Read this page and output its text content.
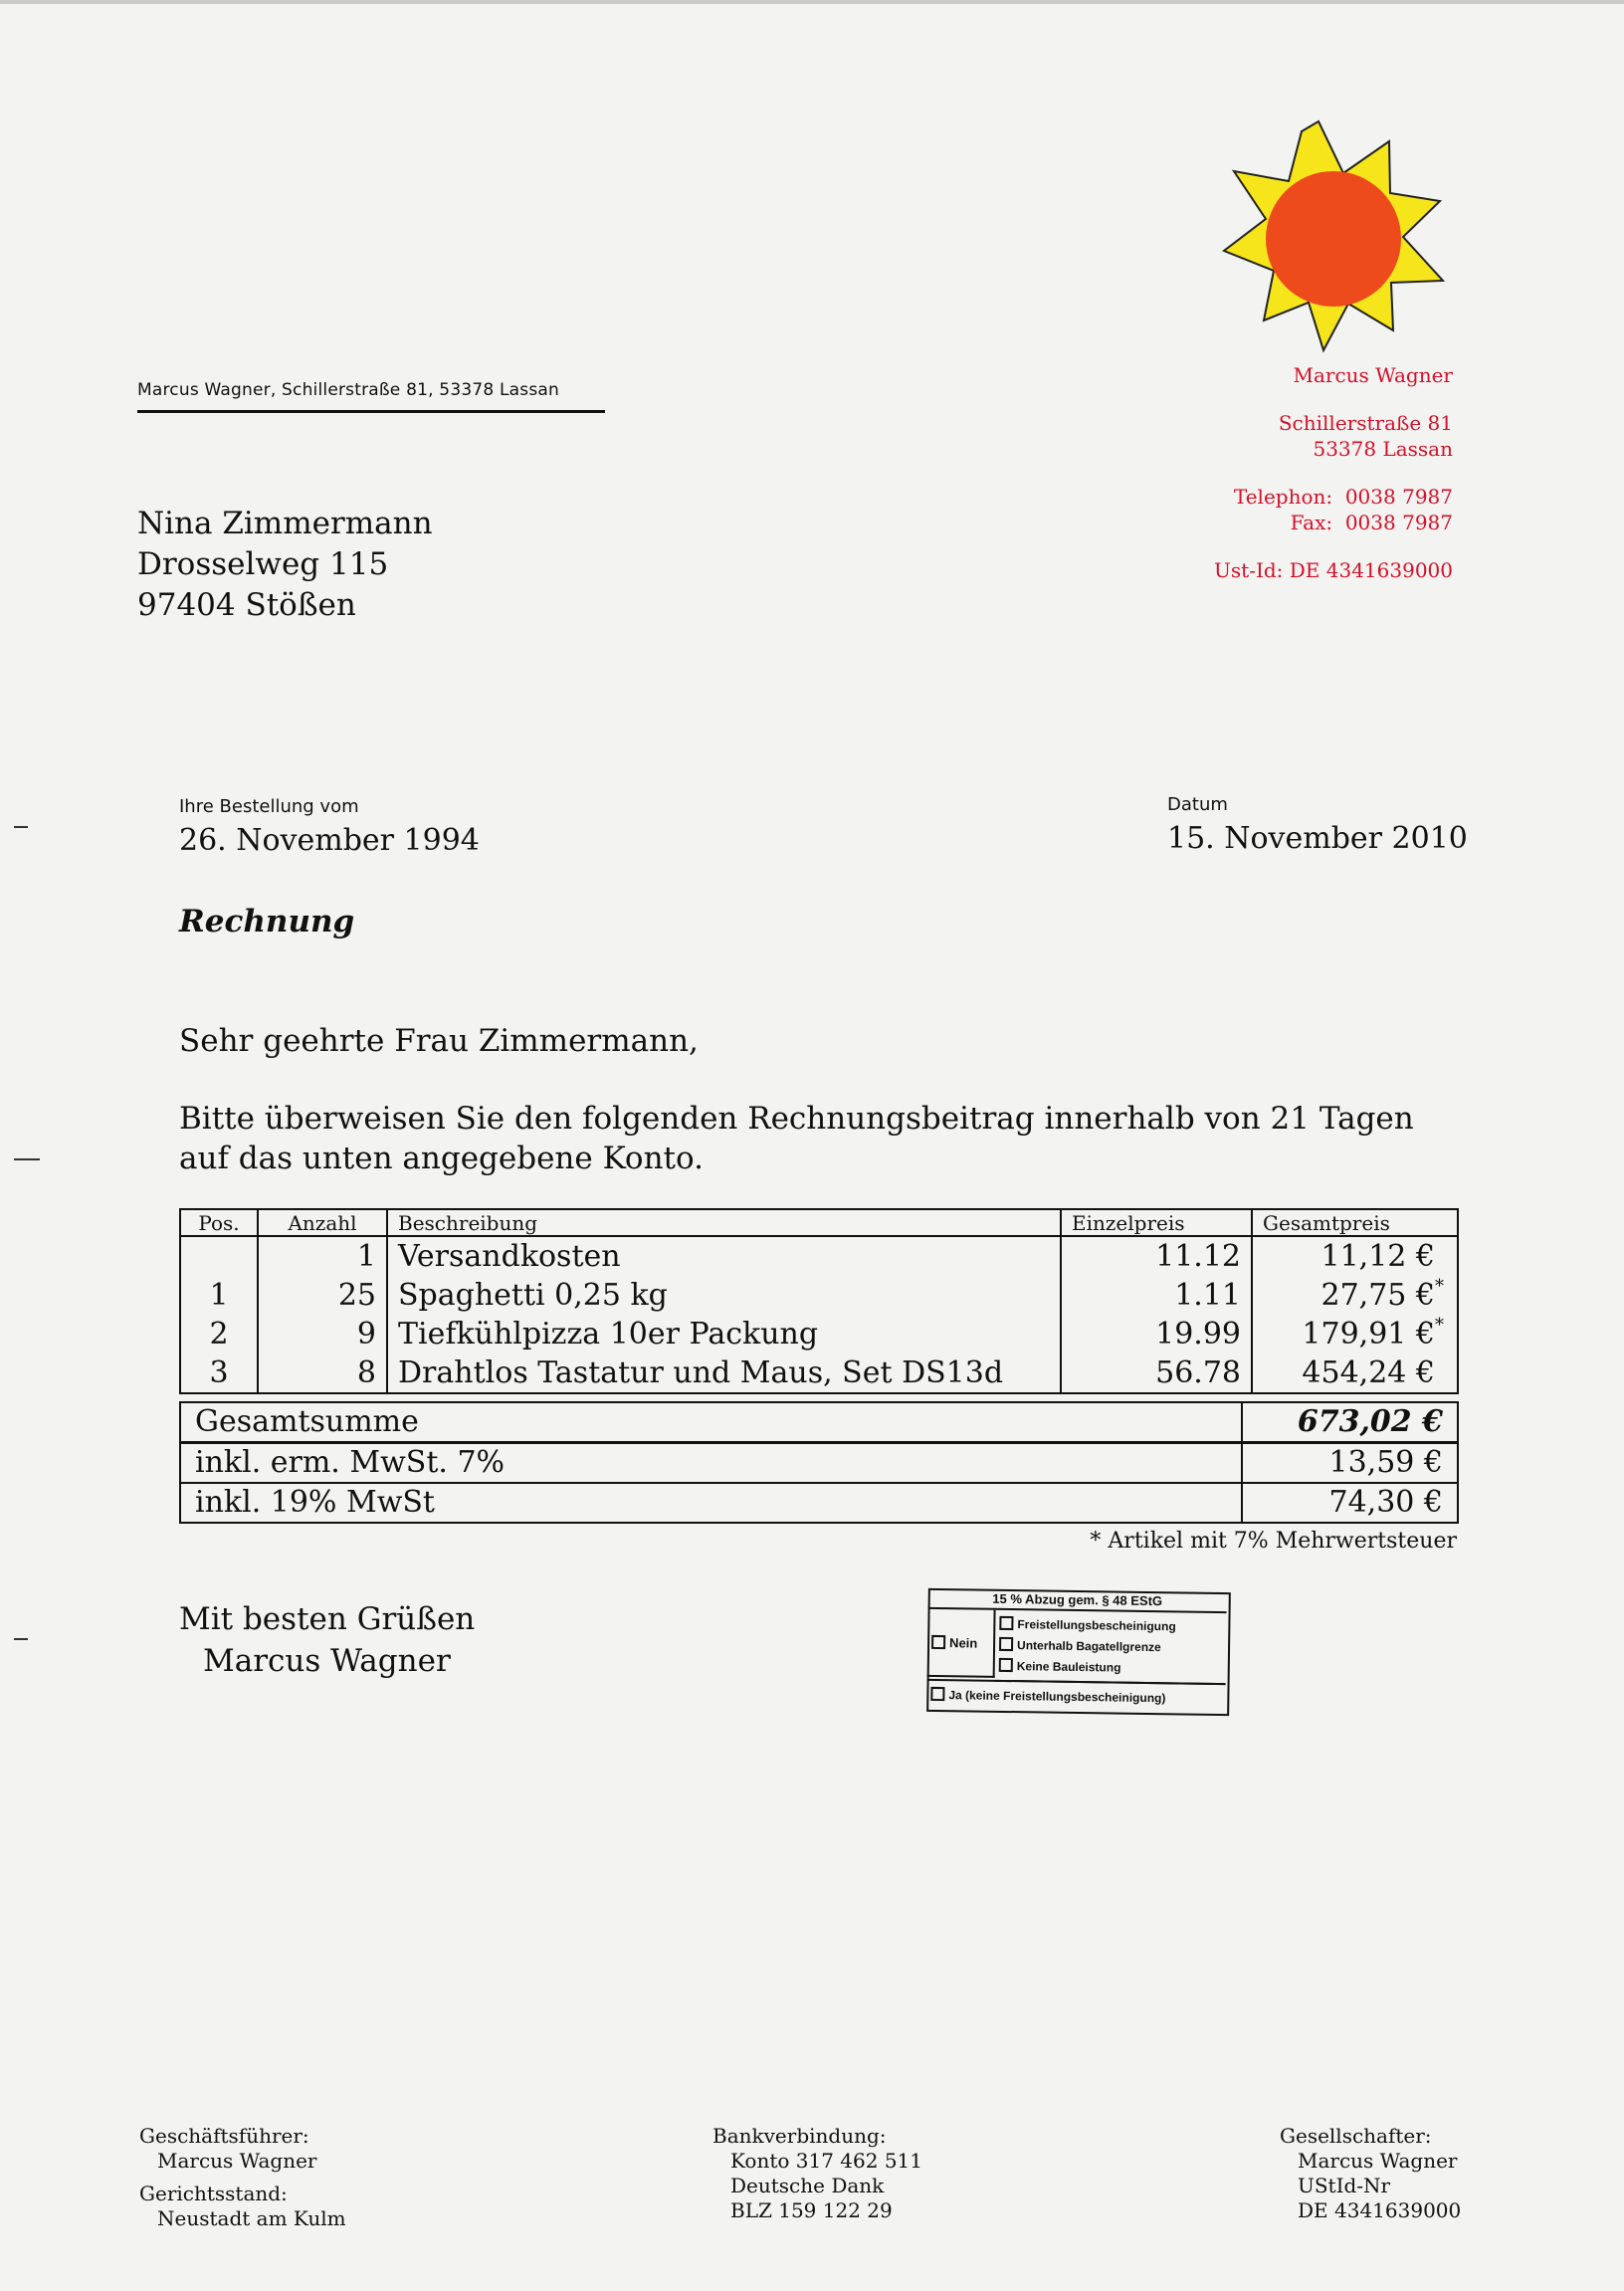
Marcus Wagner, Schillerstraße 81, 53378 Lassan
Nina Zimmermann
Drosselweg 115
97404 Stößen
Marcus Wagner
Schillerstraße 81
53378 Lassan
Telephon:  0038 7987
Fax:  0038 7987
Ust-Id: DE 4341639000
Ihre Bestellung vom
26. November 1994
Datum
15. November 2010
Rechnung
Sehr geehrte Frau Zimmermann,
Bitte überweisen Sie den folgenden Rechnungsbeitrag innerhalb von 21 Tagen
auf das unten angegebene Konto.
Pos.	Anzahl	Beschreibung	Einzelpreis	Gesamtpreis
	1	Versandkosten	11.12	11,12 €
1	25	Spaghetti 0,25 kg	1.11	27,75 €*
2	9	Tiefkühlpizza 10er Packung	19.99	179,91 €*
3	8	Drahtlos Tastatur und Maus, Set DS13d	56.78	454,24 €
Gesamtsumme	673,02 €
inkl. erm. MwSt. 7%	13,59 €
inkl. 19% MwSt	74,30 €
* Artikel mit 7% Mehrwertsteuer
Mit besten Grüßen
Marcus Wagner
15 % Abzug gem. § 48 EStG
Nein
Freistellungsbescheinigung
Unterhalb Bagatellgrenze
Keine Bauleistung
Ja (keine Freistellungsbescheinigung)
Geschäftsführer:
Marcus Wagner
Gerichtsstand:
Neustadt am Kulm
Bankverbindung:
Konto 317 462 511
Deutsche Dank
BLZ 159 122 29
Gesellschafter:
Marcus Wagner
UStId-Nr
DE 4341639000
